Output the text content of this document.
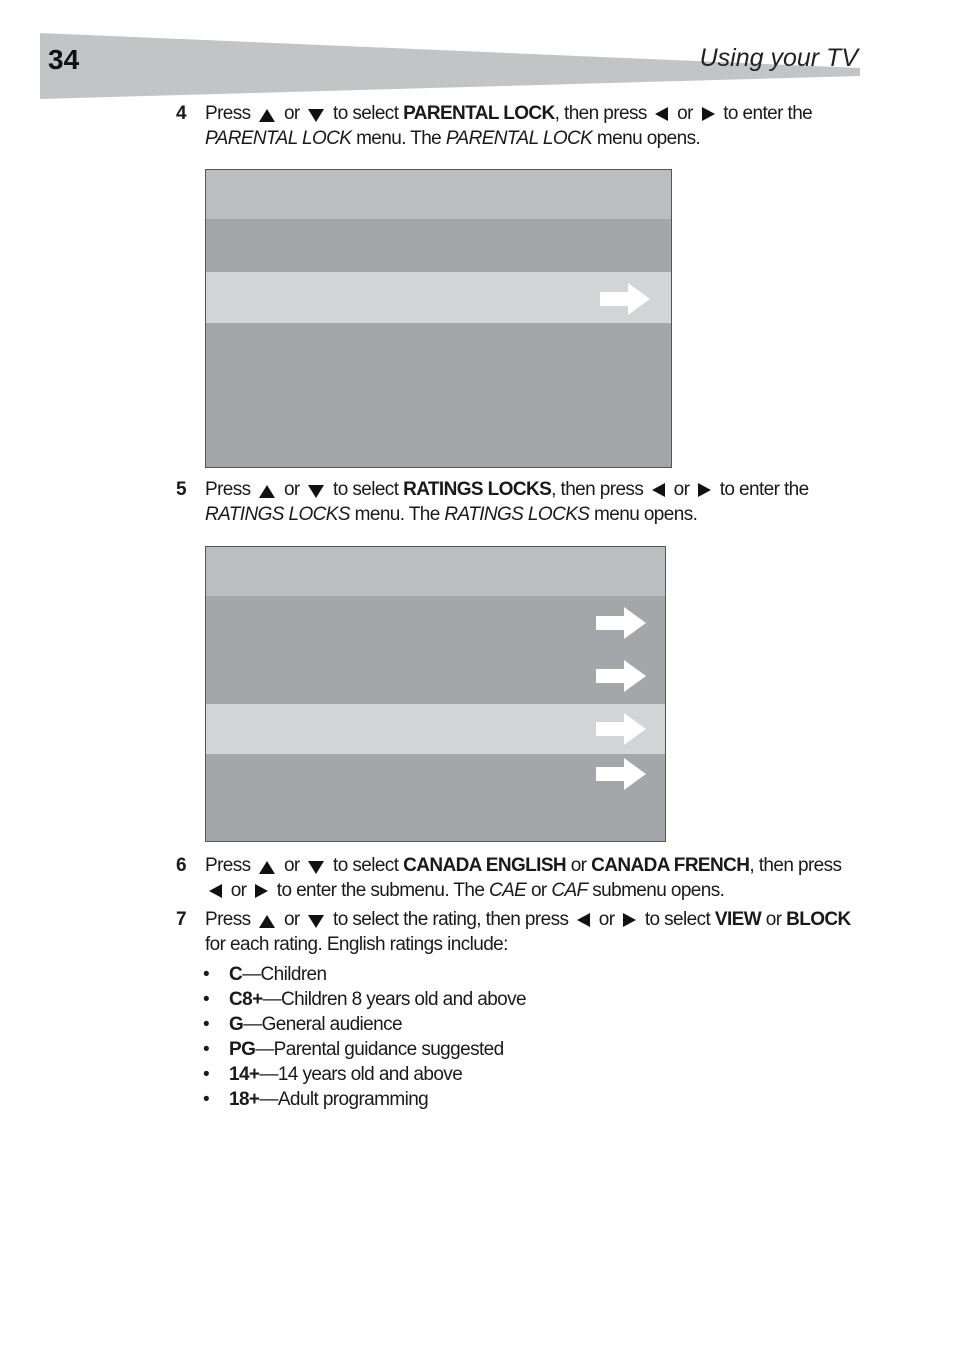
34	Using your TV
4 Press or to select PARENTAL LOCK, then press or to enter the PARENTAL LOCK menu. The PARENTAL LOCK menu opens.
5 Press or to select RATINGS LOCKS, then press or to enter the RATINGS LOCKS menu. The RATINGS LOCKS menu opens.
6 Press or to select CANADA ENGLISH or CANADA FRENCH, then press  or to enter the submenu. The CAE or CAF submenu opens.
7 Press or to select the rating, then press or to select VIEW or BLOCK for each rating. English ratings include:
• C—Children
• C8+—Children 8 years old and above
• G—General audience
• PG—Parental guidance suggested
• 14+—14 years old and above
• 18+—Adult programming
